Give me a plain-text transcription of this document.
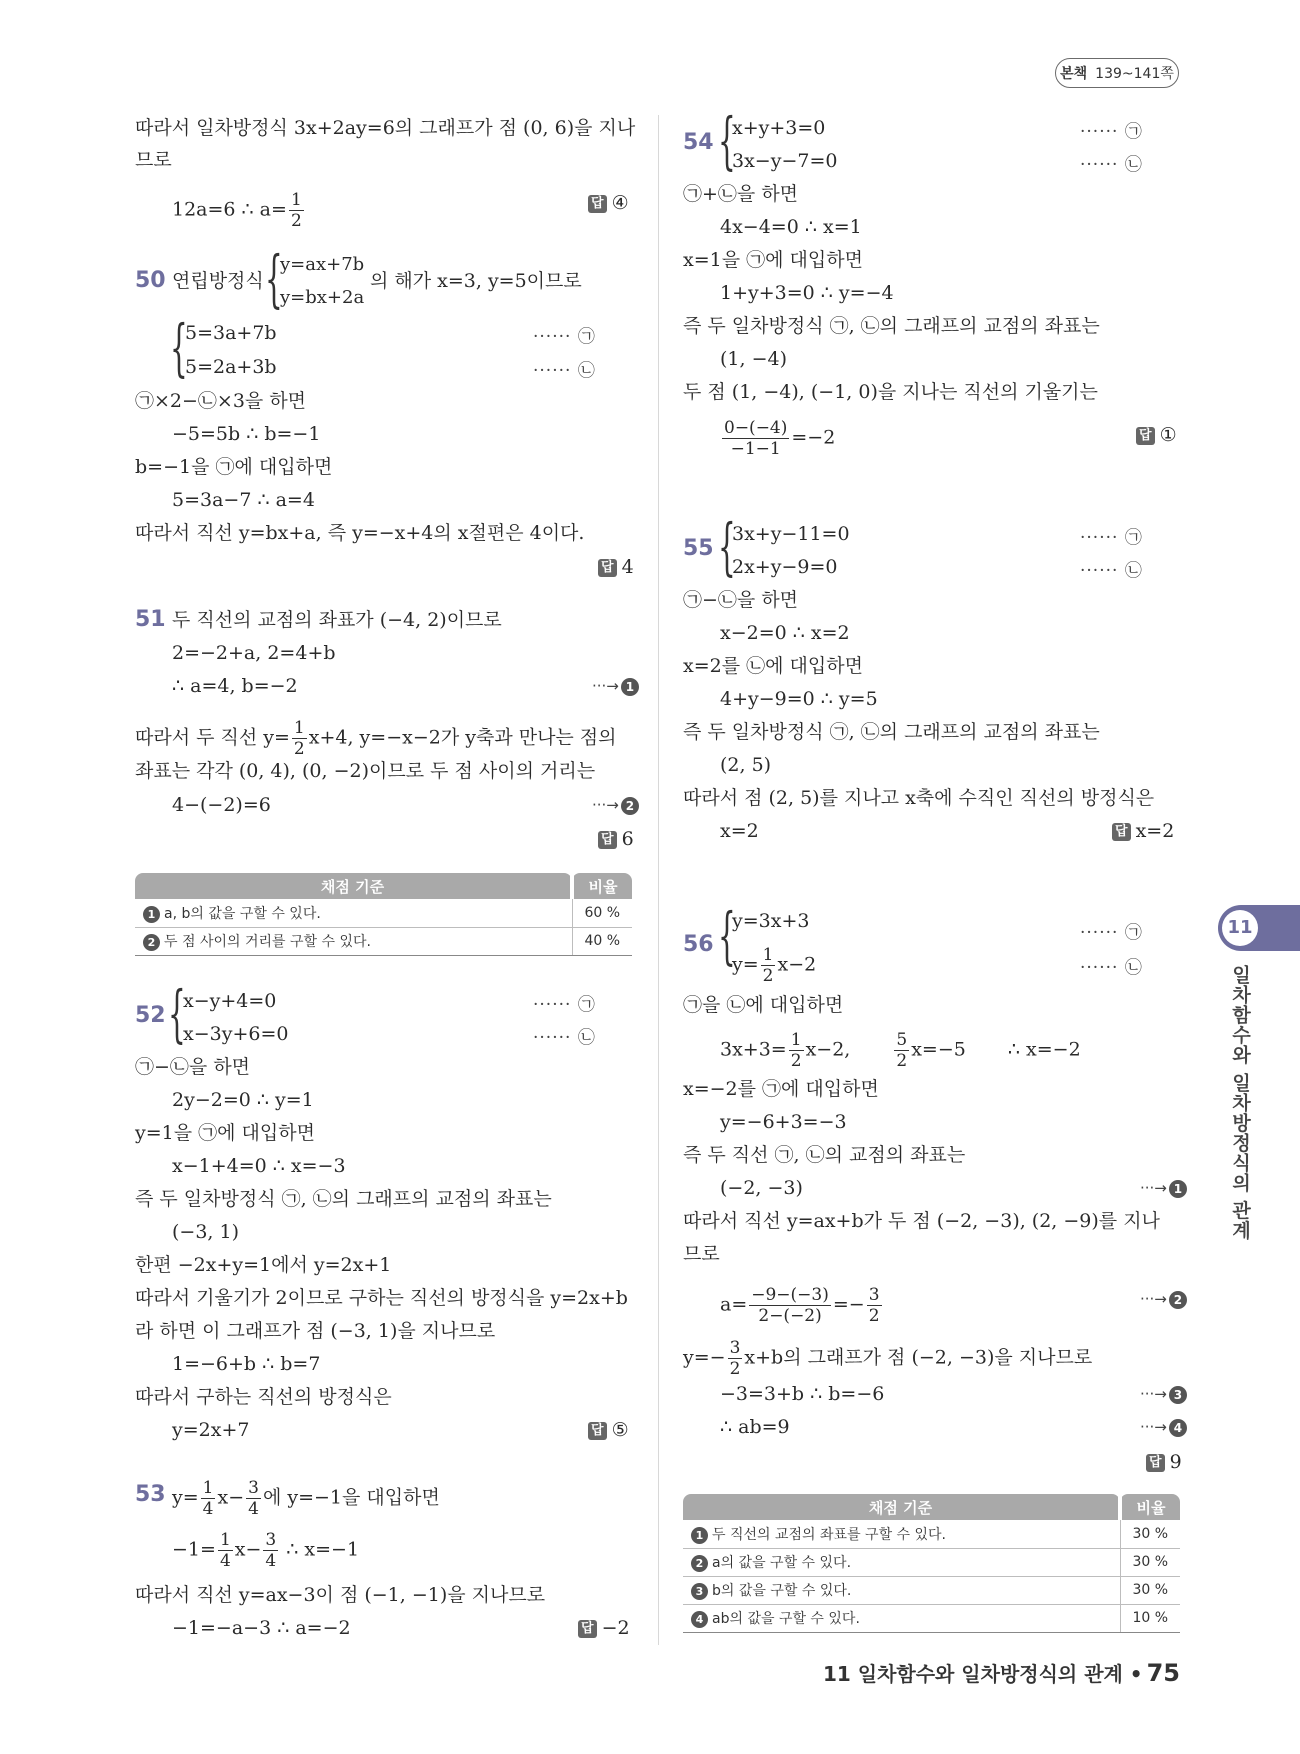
본책 139~141쪽
따라서 일차방정식 3x+2ay=6의 그래프가 점 (0, 6)을 지나
므로
12a=6 ∴ $a= \frac{1}{2}$	답 ④
50 연립방정식 {
y=ax+7b
y=bx+2a
의 해가 x=3, y=5이므로
{
5=3a+7b
5=2a+3b
······ ㉠
······ ㉡
㉠×2−㉡×3을 하면
−5=5b ∴ b=−1
b=−1을 ㉠에 대입하면
5=3a−7 ∴ a=4
따라서 직선 y=bx+a, 즉 y=−x+4의 x절편은 4이다.
답 4
51 두 직선의 교점의 좌표가 (−4, 2)이므로
2=−2+a, 2=4+b
∴ a=4, b=−2	···→ 1
따라서 두 직선 $y= \frac{1}{2} x+4$, y=−x−2가 y축과 만나는 점의
좌표는 각각 (0, 4), (0, −2)이므로 두 점 사이의 거리는
4−(−2)=6	···→ 2
답 6
채점 기준	비율
1 a, b의 값을 구할 수 있다.	60 %
2 두 점 사이의 거리를 구할 수 있다.	40 %
52 {
x−y+4=0
x−3y+6=0
······ ㉠
······ ㉡
㉠−㉡을 하면
2y−2=0 ∴ y=1
y=1을 ㉠에 대입하면
x−1+4=0 ∴ x=−3
즉 두 일차방정식 ㉠, ㉡의 그래프의 교점의 좌표는
(−3, 1)
한편 −2x+y=1에서 y=2x+1
따라서 기울기가 2이므로 구하는 직선의 방정식을 y=2x+b
라 하면 이 그래프가 점 (−3, 1)을 지나므로
1=−6+b ∴ b=7
따라서 구하는 직선의 방정식은
y=2x+7	답 ⑤
53 $y= \frac{1}{4} x- \frac{3}{4}$ 에 y=−1을 대입하면
$-1= \frac{1}{4} x- \frac{3}{4}$ ∴ x=−1
따라서 직선 y=ax−3이 점 (−1, −1)을 지나므로
−1=−a−3 ∴ a=−2	답 −2
54 {
x+y+3=0
3x−y−7=0
······ ㉠
······ ㉡
㉠+㉡을 하면
4x−4=0 ∴ x=1
x=1을 ㉠에 대입하면
1+y+3=0 ∴ y=−4
즉 두 일차방정식 ㉠, ㉡의 그래프의 교점의 좌표는
(1, −4)
두 점 (1, −4), (−1, 0)을 지나는 직선의 기울기는
$\frac{0-(-4)}{-1-1} =-2$	답 ①
55 {
3x+y−11=0
2x+y−9=0
······ ㉠
······ ㉡
㉠−㉡을 하면
x−2=0 ∴ x=2
x=2를 ㉡에 대입하면
4+y−9=0 ∴ y=5
즉 두 일차방정식 ㉠, ㉡의 그래프의 교점의 좌표는
(2, 5)
따라서 점 (2, 5)를 지나고 x축에 수직인 직선의 방정식은
x=2	답 x=2
56 {
y=3x+3
$y= \frac{1}{2} x-2$
······ ㉠
······ ㉡
㉠을 ㉡에 대입하면
$3x+3= \frac{1}{2} x-2$,	$\frac{5}{2} x=-5$ ∴ x=−2
x=−2를 ㉠에 대입하면
y=−6+3=−3
즉 두 직선 ㉠, ㉡의 교점의 좌표는
(−2, −3)	···→ 1
따라서 직선 y=ax+b가 두 점 (−2, −3), (2, −9)를 지나
므로
$a= \frac{-9-(-3)}{2-(-2)} =- \frac{3}{2}$	···→ 2
$y=- \frac{3}{2} x+b$의 그래프가 점 (−2, −3)을 지나므로
−3=3+b ∴ b=−6	···→ 3
∴ ab=9	···→ 4
답 9
채점 기준	비율
1 두 직선의 교점의 좌표를 구할 수 있다.	30 %
2 a의 값을 구할 수 있다.	30 %
3 b의 값을 구할 수 있다.	30 %
4 ab의 값을 구할 수 있다.	10 %
11
일차함수와 일차방정식의 관계
11 일차함수와 일차방정식의 관계 • 75
